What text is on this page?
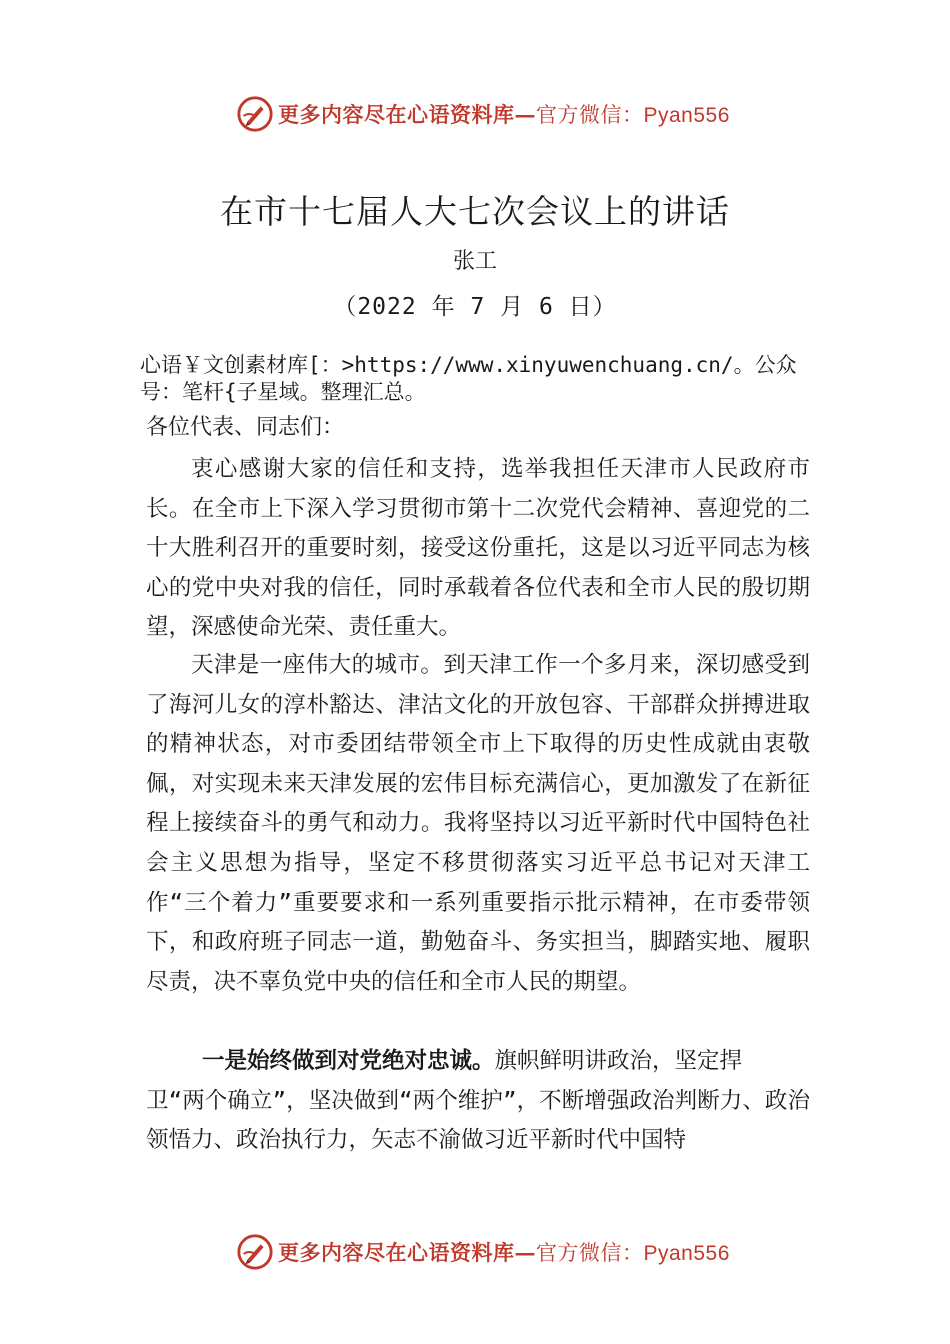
更多内容尽在心语资料库—官方微信：Pyan556
在市十七届人大七次会议上的讲话
张工
（2022 年 7 月 6 日）
心语￥文创素材库[：>https://www.xinyuwenchuang.cn/。公众号：笔杆{子星域。整理汇总。
各位代表、同志们：
衷心感谢大家的信任和支持，选举我担任天津市人民政府市长。在全市上下深入学习贯彻市第十二次党代会精神、喜迎党的二十大胜利召开的重要时刻，接受这份重托，这是以习近平同志为核心的党中央对我的信任，同时承载着各位代表和全市人民的殷切期望，深感使命光荣、责任重大。
天津是一座伟大的城市。到天津工作一个多月来，深切感受到了海河儿女的淳朴豁达、津沽文化的开放包容、干部群众拼搏进取的精神状态，对市委团结带领全市上下取得的历史性成就由衷敬佩，对实现未来天津发展的宏伟目标充满信心，更加激发了在新征程上接续奋斗的勇气和动力。我将坚持以习近平新时代中国特色社会主义思想为指导，坚定不移贯彻落实习近平总书记对天津工作“三个着力”重要要求和一系列重要指示批示精神，在市委带领下，和政府班子同志一道，勤勉奋斗、务实担当，脚踏实地、履职尽责，决不辜负党中央的信任和全市人民的期望。
一是始终做到对党绝对忠诚。旗帜鲜明讲政治，坚定捍
卫“两个确立”，坚决做到“两个维护”，不断增强政治判断力、政治领悟力、政治执行力，矢志不渝做习近平新时代中国特
更多内容尽在心语资料库—官方微信：Pyan556
